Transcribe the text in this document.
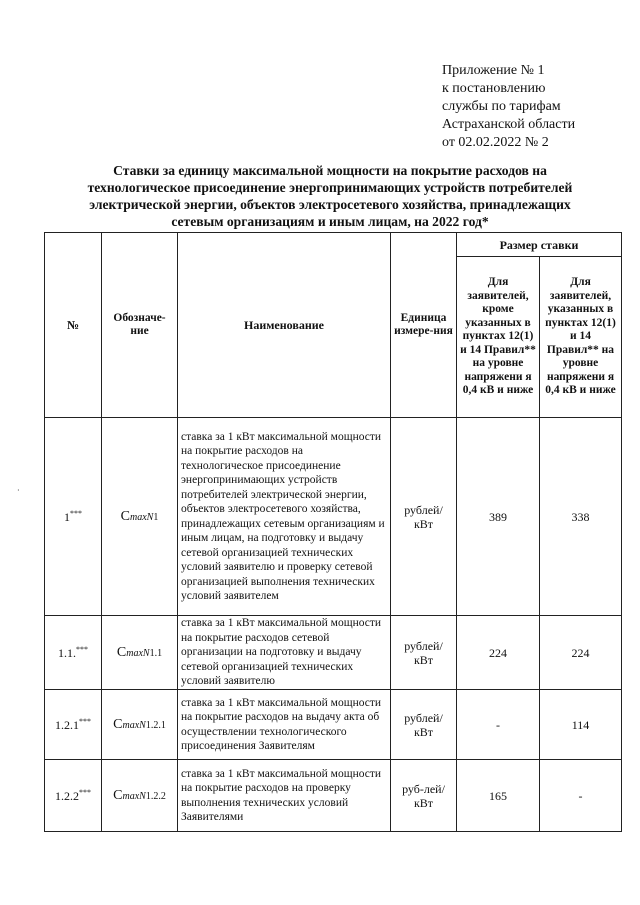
Приложение № 1
к постановлению
службы по тарифам
Астраханской области
от 02.02.2022 № 2
Ставки за единицу максимальной мощности на покрытие расходов на
технологическое присоединение энергопринимающих устройств потребителей
электрической энергии, объектов электросетевого хозяйства, принадлежащих
сетевым организациям и иным лицам, на 2022 год*
·
№	Обозначе-ние	Наименование	Единица измере-ния	Размер ставки	
				Для заявителей, кроме указанных в пунктах 12(1) и 14 Правил** на уровне напряжени я 0,4 кВ и ниже	Для заявителей, указанных в пунктах 12(1) и 14 Правил** на уровне напряжени я 0,4 кВ и ниже
1***	CmaxN1	ставка за 1 кВт максимальной мощности на покрытие расходов на технологическое присоединение энергопринимающих устройств потребителей электрической энергии, объектов электросетевого хозяйства, принадлежащих сетевым организациям и иным лицам, на подготовку и выдачу сетевой организацией технических условий заявителю и проверку сетевой организацией выполнения технических условий заявителем	рублей/ кВт	389	338
1.1.***	CmaxN1.1	ставка за 1 кВт максимальной мощности на покрытие расходов сетевой организации на подготовку и выдачу сетевой организацией технических условий заявителю	рублей/ кВт	224	224
1.2.1***	CmaxN1.2.1	ставка за 1 кВт максимальной мощности на покрытие расходов на выдачу акта об осуществлении технологического присоединения Заявителям	рублей/ кВт	-	114
1.2.2***	CmaxN1.2.2	ставка за 1 кВт максимальной мощности на покрытие расходов на проверку выполнения технических условий Заявителями	руб-лей/кВт	165	-
